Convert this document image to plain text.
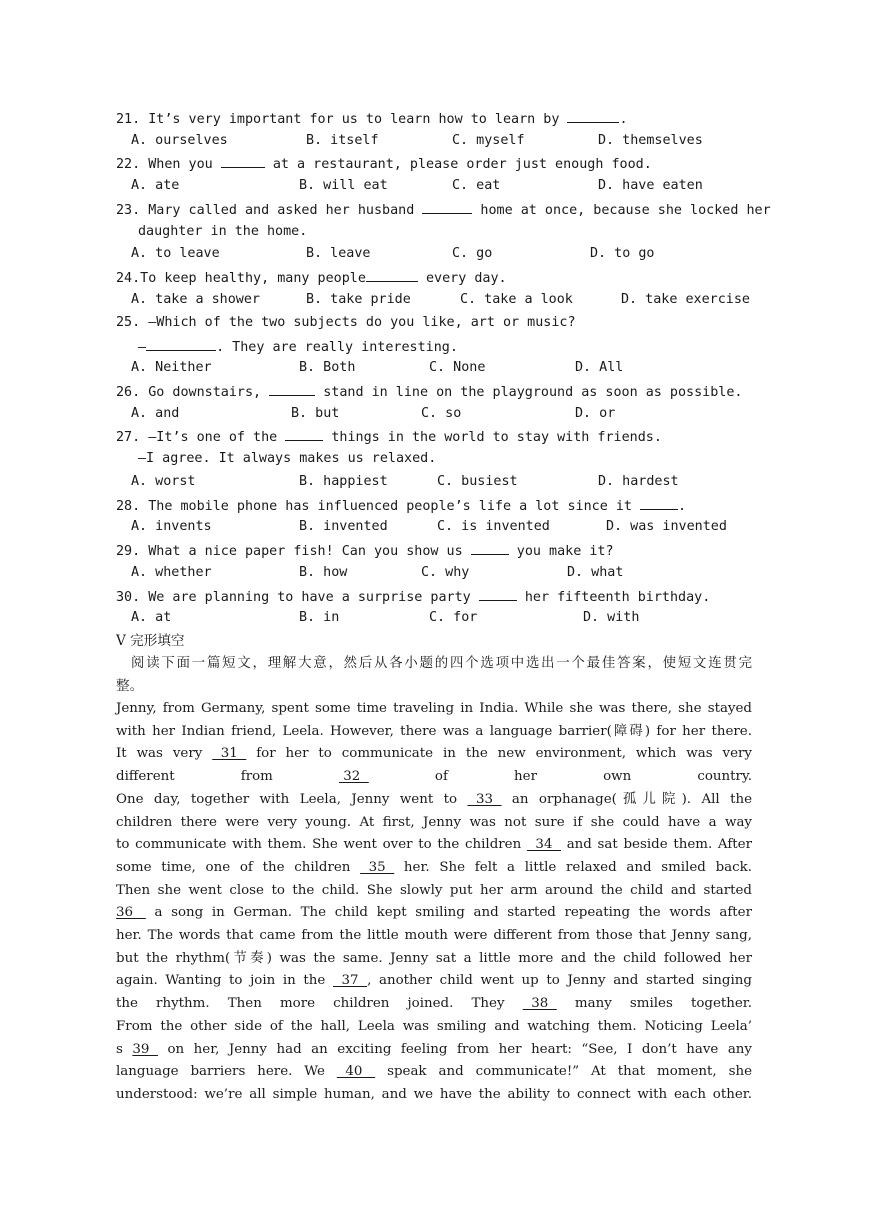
21. It’s very important for us to learn how to learn by	.
A. ourselves	B. itself	C. myself	D. themselves
22. When you	at a restaurant, please order just enough food.
A. ate	B. will eat	C. eat	D. have eaten
23. Mary called and asked her husband	home at once, because she locked her
daughter in the home.
A. to leave	B. leave	C. go	D. to go
24.To keep healthy, many people	every day.
A. take a shower	B. take pride	C. take a look	D. take exercise
25. —Which of the two subjects do you like, art or music?
—	. They are really interesting.
A. Neither	B. Both	C. None	D. All
26. Go downstairs,	stand in line on the playground as soon as possible.
A. and	B. but	C. so	D. or
27. —It’s one of the	things in the world to stay with friends.
—I agree. It always makes us relaxed.
A. worst	B. happiest	C. busiest	D. hardest
28. The mobile phone has influenced people’s life a lot since it	.
A. invents	B. invented	C. is invented	D. was invented
29. What a nice paper fish! Can you show us	you make it?
A. whether	B. how	C. why	D. what
30. We are planning to have a surprise party	her fifteenth birthday.
A. at	B. in	C. for	D. with
V 完形填空
阅读下面一篇短文，理解大意，然后从各小题的四个选项中选出一个最佳答案，使短文连贯完
整。
Jenny, from Germany, spent some time traveling in India. While she was there, she stayed
with her Indian friend, Leela. However, there was a language barrier(障碍) for her there.
It was very   31   for her to communicate in the new environment, which was very
different from  32   of her own country.
One day, together with Leela, Jenny went to   33   an orphanage(孤儿院). All the
children there were very young. At first, Jenny was not sure if she could have a way
to communicate with them. She went over to the children   34   and sat beside them. After
some time, one of the children   35   her. She felt a little relaxed and smiled back.
Then she went close to the child. She slowly put her arm around the child and started
36    a song in German. The child kept smiling and started repeating the words after
her. The words that came from the little mouth were different from those that Jenny sang,
but the rhythm(节奏) was the same. Jenny sat a little more and the child followed her
again. Wanting to join in the   37  , another child went up to Jenny and started singing
the rhythm. Then more children joined. They   38   many smiles together.
From the other side of the hall, Leela was smiling and watching them. Noticing Leela’
s 39   on her, Jenny had an exciting feeling from her heart: “See, I don’t have any
language barriers here. We   40    speak and communicate!” At that moment, she
understood: we’re all simple human, and we have the ability to connect with each other.
